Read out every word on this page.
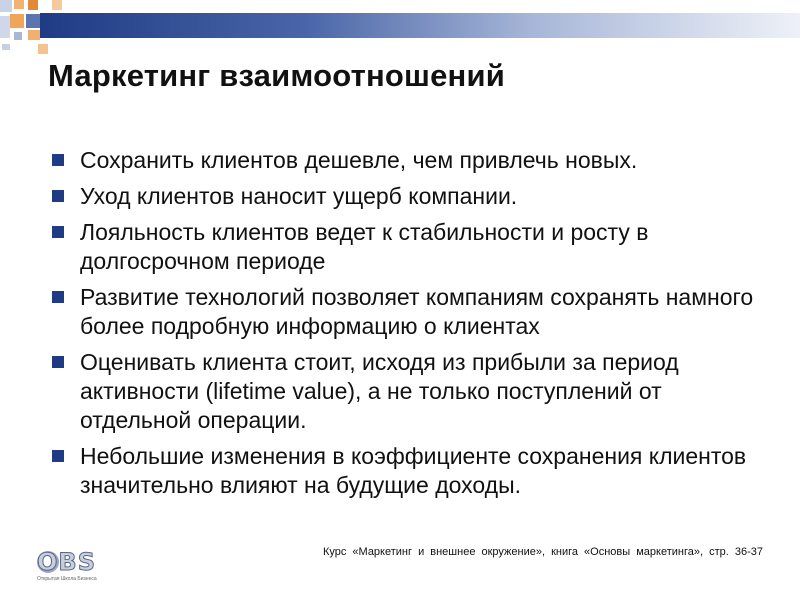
Маркетинг взаимоотношений
Сохранить клиентов дешевле, чем привлечь новых.
Уход клиентов наносит ущерб компании.
Лояльность клиентов ведет к стабильности и росту в долгосрочном периоде
Развитие технологий позволяет компаниям сохранять намного более подробную информацию о клиентах
Оценивать клиента стоит, исходя из прибыли за период активности (lifetime value), а не только поступлений от отдельной операции.
Небольшие изменения в коэффициенте сохранения клиентов значительно влияют на будущие доходы.
OBS
Открытая Школа Бизнеса
Курс «Маркетинг и внешнее окружение», книга «Основы маркетинга», стр. 36-37
